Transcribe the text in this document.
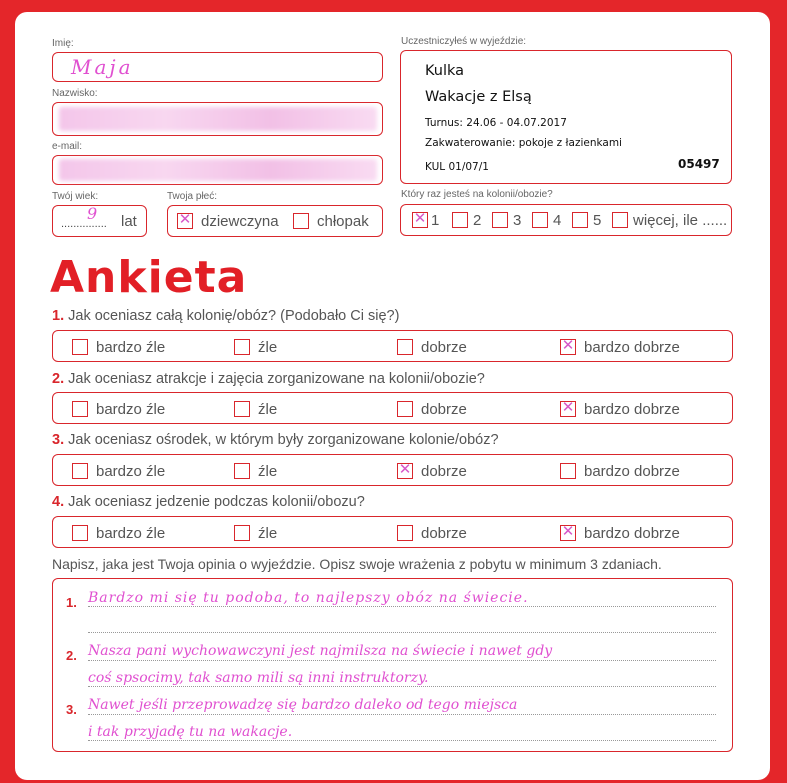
Imię:
Maja
Nazwisko:
e-mail:
Twój wiek:
...............
9 lat
Twoja płeć:
✕ dziewczyna	chłopak
Uczestniczyłeś w wyjeździe:
Kulka
Wakacje z Elsą
Turnus: 24.06 - 04.07.2017
Zakwaterowanie: pokoje z łazienkami
KUL 01/07/1	05497
Który raz jesteś na kolonii/obozie?
✕ 1 2 3 4 5 więcej, ile ......
Ankieta
1. Jak oceniasz całą kolonię/obóz? (Podobało Ci się?)
bardzo źle	źle	dobrze	✕ bardzo dobrze
2. Jak oceniasz atrakcje i zajęcia zorganizowane na kolonii/obozie?
bardzo źle	źle	dobrze	✕ bardzo dobrze
3. Jak oceniasz ośrodek, w którym były zorganizowane kolonie/obóz?
bardzo źle	źle	✕ dobrze	bardzo dobrze
4. Jak oceniasz jedzenie podczas kolonii/obozu?
bardzo źle	źle	dobrze	✕ bardzo dobrze
Napisz, jaka jest Twoja opinia o wyjeździe. Opisz swoje wrażenia z pobytu w minimum 3 zdaniach.
1.
2.
3.
Bardzo mi się tu podoba, to najlepszy obóz na świecie.
Nasza pani wychowawczyni jest najmilsza na świecie i nawet gdy
coś spsocimy, tak samo mili są inni instruktorzy.
Nawet jeśli przeprowadzę się bardzo daleko od tego miejsca
i tak przyjadę tu na wakacje.
